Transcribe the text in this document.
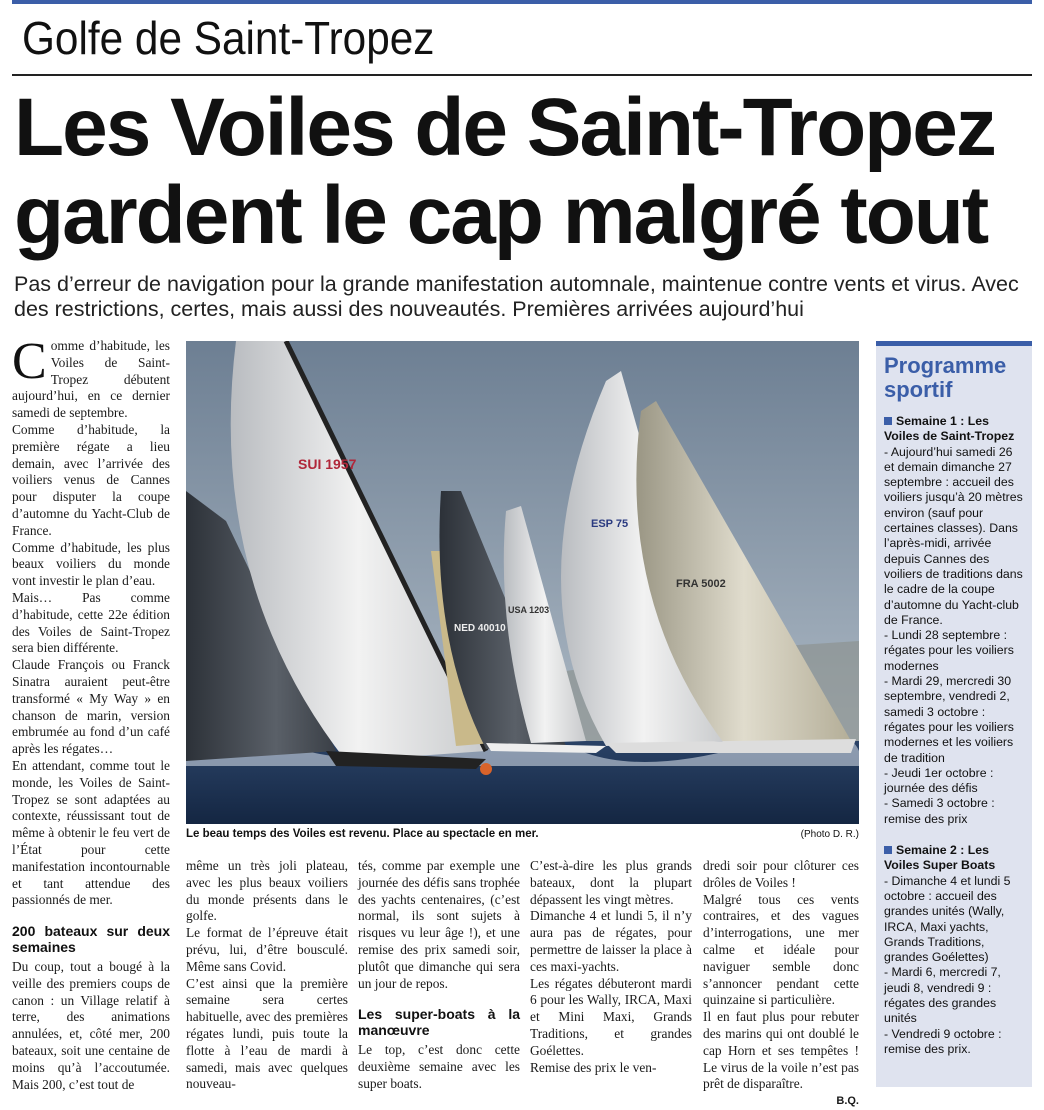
Golfe de Saint-Tropez
Les Voiles de Saint-Tropez
gardent le cap malgré tout

Pas d’erreur de navigation pour la grande manifestation automnale, maintenue contre vents et virus. Avec des restrictions, certes, mais aussi des nouveautés. Premières arrivées aujourd’hui

Comme d’habitude, les Voiles de Saint-Tropez débutent aujourd’hui, en ce dernier samedi de septembre.

Comme d’habitude, la première régate a lieu demain, avec l’arrivée des voiliers venus de Cannes pour disputer la coupe d’automne du Yacht-Club de France.

Comme d’habitude, les plus beaux voiliers du monde vont investir le plan d’eau.

Mais… Pas comme d’habitude, cette 22e édition des Voiles de Saint-Tropez sera bien différente.

Claude François ou Franck Sinatra auraient peut-être transformé « My Way » en chanson de marin, version embrumée au fond d’un café après les régates…

En attendant, comme tout le monde, les Voiles de Saint-Tropez se sont adaptées au contexte, réussissant tout de même à obtenir le feu vert de l’État pour cette manifestation incontournable et tant attendue des passionnés de mer.

200 bateaux sur deux semaines

Du coup, tout a bougé à la veille des premiers coups de canon : un Village relatif à terre, des animations annulées, et, côté mer, 200 bateaux, soit une centaine de moins qu’à l’accoutumée. Mais 200, c’est tout de

SUI 1957
NED 40010
USA 1203
ESP 75
FRA 5002
Le beau temps des Voiles est revenu. Place au spectacle en mer.	(Photo D. R.)

même un très joli plateau, avec les plus beaux voiliers du monde présents dans le golfe.

Le format de l’épreuve était prévu, lui, d’être bousculé. Même sans Covid.

C’est ainsi que la première semaine sera certes habituelle, avec des premières régates lundi, puis toute la flotte à l’eau de mardi à samedi, mais avec quelques nouveau-

tés, comme par exemple une journée des défis sans trophée des yachts centenaires, (c’est normal, ils sont sujets à risques vu leur âge !), et une remise des prix samedi soir, plutôt que dimanche qui sera un jour de repos.

Les super-boats à la manœuvre

Le top, c’est donc cette deuxième semaine avec les super boats.

C’est-à-dire les plus grands bateaux, dont la plupart dépassent les vingt mètres.

Dimanche 4 et lundi 5, il n’y aura pas de régates, pour permettre de laisser la place à ces maxi-yachts.

Les régates débuteront mardi 6 pour les Wally, IRCA, Maxi et Mini Maxi, Grands Traditions, et grandes Goélettes.

Remise des prix le ven-

dredi soir pour clôturer ces drôles de Voiles !

Malgré tous ces vents contraires, et des vagues d’interrogations, une mer calme et idéale pour naviguer semble donc s’annoncer pendant cette quinzaine si particulière.

Il en faut plus pour rebuter des marins qui ont doublé le cap Horn et ses tempêtes ! Le virus de la voile n’est pas prêt de disparaître.

B.Q.

Programme sportif

Semaine 1 : Les Voiles de Saint-Tropez

- Aujourd’hui samedi 26 et demain dimanche 27 septembre : accueil des voiliers jusqu’à 20 mètres environ (sauf pour certaines classes). Dans l’après-midi, arrivée depuis Cannes des voiliers de traditions dans le cadre de la coupe d’automne du Yacht-club de France.

- Lundi 28 septembre : régates pour les voiliers modernes

- Mardi 29, mercredi 30 septembre, vendredi 2, samedi 3 octobre : régates pour les voiliers modernes et les voiliers de tradition

- Jeudi 1er octobre : journée des défis

- Samedi 3 octobre : remise des prix

Semaine 2 : Les Voiles Super Boats

- Dimanche 4 et lundi 5 octobre : accueil des grandes unités (Wally, IRCA, Maxi yachts, Grands Traditions, grandes Goélettes)

- Mardi 6, mercredi 7, jeudi 8, vendredi 9 : régates des grandes unités

- Vendredi 9 octobre : remise des prix.
